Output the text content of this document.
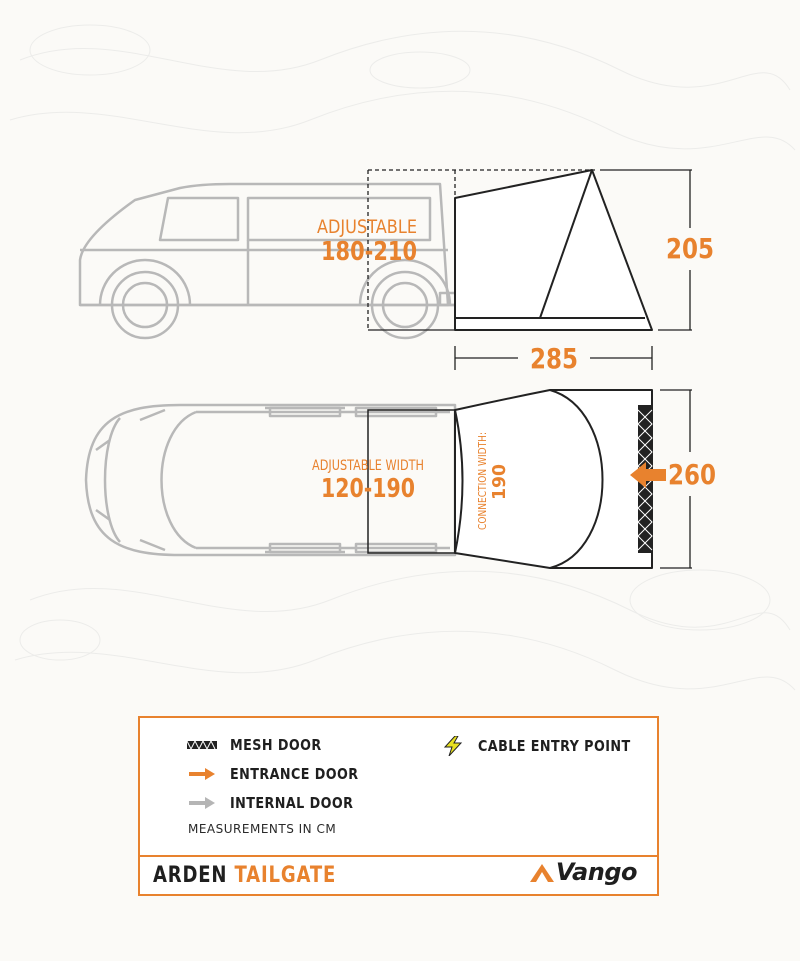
ADJUSTABLE
180-210	205
285
ADJUSTABLE WIDTH
120-190	CONNECTION WIDTH: 190	260
MESH DOOR
ENTRANCE DOOR
INTERNAL DOOR
CABLE ENTRY POINT
MEASUREMENTS IN CM
ARDEN TAILGATE	Vango
